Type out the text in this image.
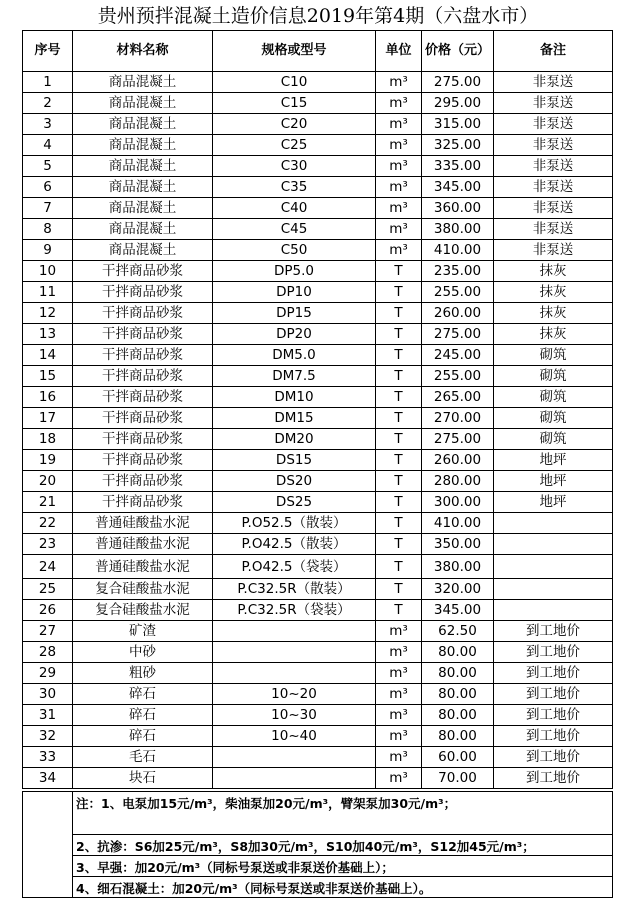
贵州预拌混凝土造价信息2019年第4期（六盘水市）
序号	材料名称	规格或型号	单位	价格（元）	备注
1	商品混凝土	C10	m³	275.00	非泵送
2	商品混凝土	C15	m³	295.00	非泵送
3	商品混凝土	C20	m³	315.00	非泵送
4	商品混凝土	C25	m³	325.00	非泵送
5	商品混凝土	C30	m³	335.00	非泵送
6	商品混凝土	C35	m³	345.00	非泵送
7	商品混凝土	C40	m³	360.00	非泵送
8	商品混凝土	C45	m³	380.00	非泵送
9	商品混凝土	C50	m³	410.00	非泵送
10	干拌商品砂浆	DP5.0	T	235.00	抹灰
11	干拌商品砂浆	DP10	T	255.00	抹灰
12	干拌商品砂浆	DP15	T	260.00	抹灰
13	干拌商品砂浆	DP20	T	275.00	抹灰
14	干拌商品砂浆	DM5.0	T	245.00	砌筑
15	干拌商品砂浆	DM7.5	T	255.00	砌筑
16	干拌商品砂浆	DM10	T	265.00	砌筑
17	干拌商品砂浆	DM15	T	270.00	砌筑
18	干拌商品砂浆	DM20	T	275.00	砌筑
19	干拌商品砂浆	DS15	T	260.00	地坪
20	干拌商品砂浆	DS20	T	280.00	地坪
21	干拌商品砂浆	DS25	T	300.00	地坪
22	普通硅酸盐水泥	P.O52.5（散装）	T	410.00	
23	普通硅酸盐水泥	P.O42.5（散装）	T	350.00	
24	普通硅酸盐水泥	P.O42.5（袋装）	T	380.00	
25	复合硅酸盐水泥	P.C32.5R（散装）	T	320.00	
26	复合硅酸盐水泥	P.C32.5R（袋装）	T	345.00	
27	矿渣		m³	62.50	到工地价
28	中砂		m³	80.00	到工地价
29	粗砂		m³	80.00	到工地价
30	碎石	10~20	m³	80.00	到工地价
31	碎石	10~30	m³	80.00	到工地价
32	碎石	10~40	m³	80.00	到工地价
33	毛石		m³	60.00	到工地价
34	块石		m³	70.00	到工地价
	注：1、电泵加15元/m³，柴油泵加20元/m³，臂架泵加30元/m³；
	2、抗渗：S6加25元/m³，S8加30元/m³，S10加40元/m³，S12加45元/m³；
	3、早强：加20元/m³（同标号泵送或非泵送价基础上）；
	4、细石混凝土：加20元/m³（同标号泵送或非泵送价基础上）。
